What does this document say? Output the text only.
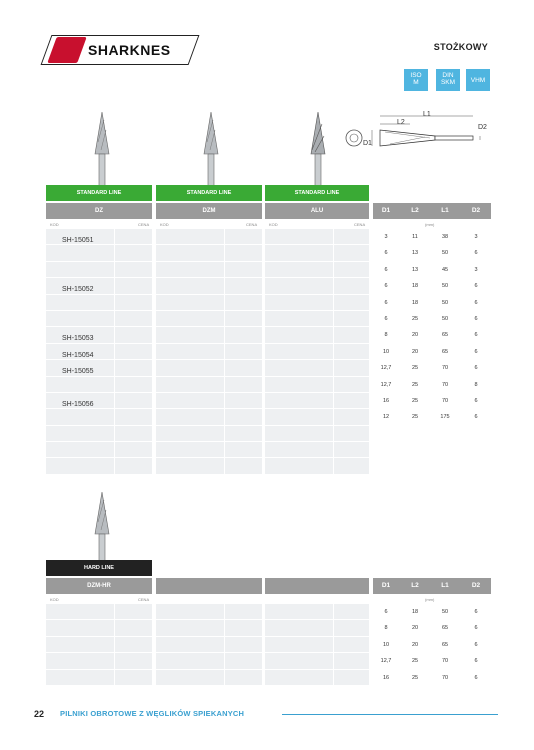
SHARKNES	STOŻKOWY
ISO
M
DIN
SKM	VHM
L1
L2
D1
D2
STANDARD LINE	STANDARD LINE	STANDARD LINE
DZ	DZM	ALU
KOD	CENA	KOD	CENA	KOD	CENA
SH-15051
SH-15052
SH-15053
SH-15054
SH-15055
SH-15056
D1	L2	L1	D2
(mm)
3	11	38	3
6	13	50	6
6	13	45	3
6	18	50	6
6	18	50	6
6	25	50	6
8	20	65	6
10	20	65	6
12,7	25	70	6
12,7	25	70	8
16	25	70	6
12	25	175	6
HARD LINE
DZM-HR
KOD	CENA
D1	L2	L1	D2
(mm)
6	18	50	6
8	20	65	6
10	20	65	6
12,7	25	70	6
16	25	70	6
22 PILNIKI OBROTOWE Z WĘGLIKÓW SPIEKANYCH
